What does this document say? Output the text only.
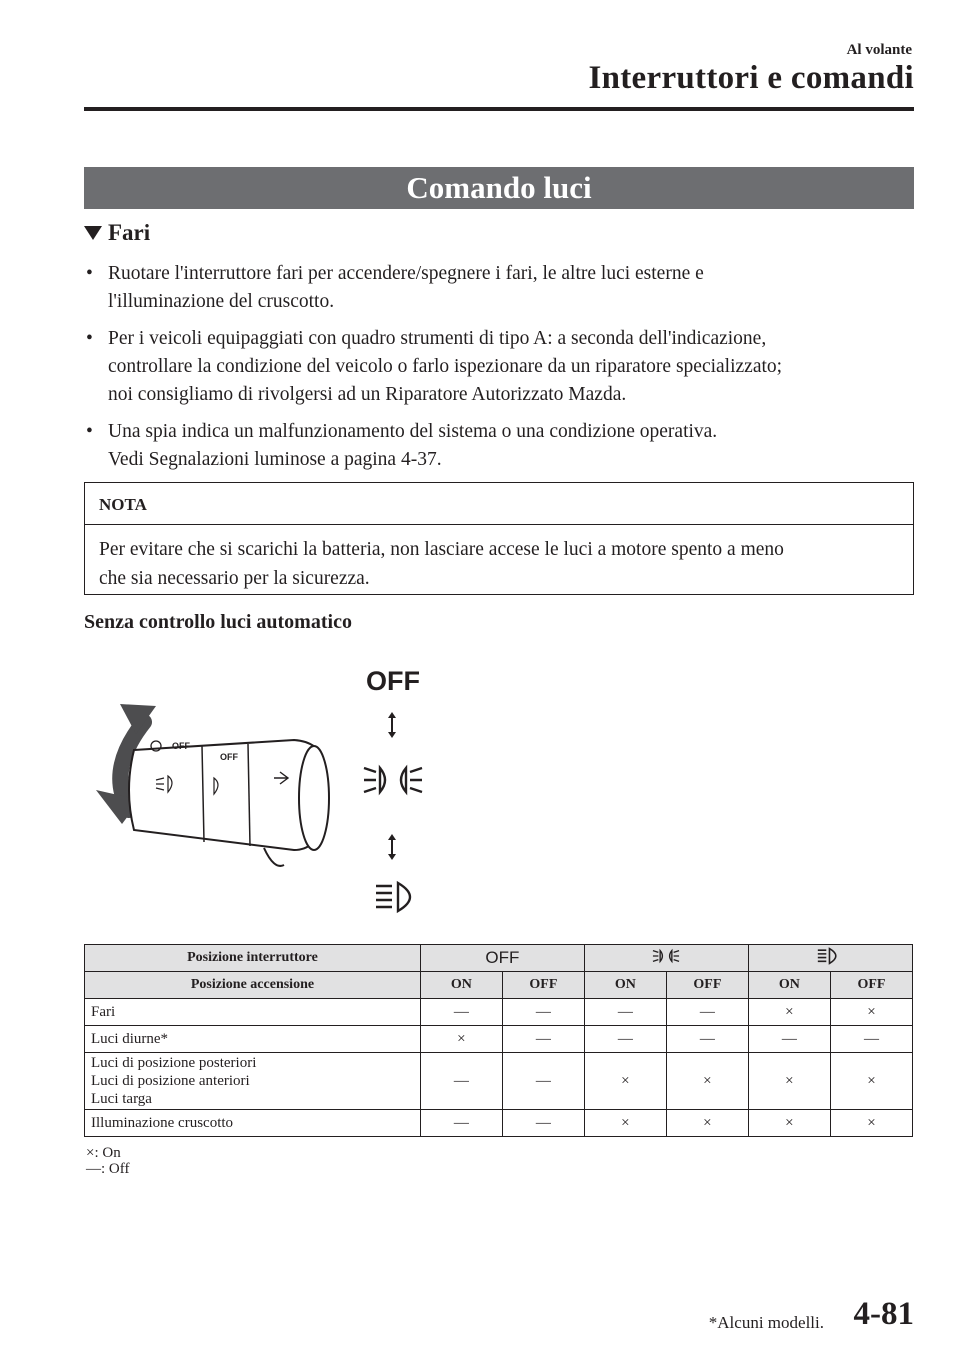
Al volante
Interruttori e comandi
Comando luci
Fari
• Ruotare l'interruttore fari per accendere/spegnere i fari, le altre luci esterne e
l'illuminazione del cruscotto.
• Per i veicoli equipaggiati con quadro strumenti di tipo A: a seconda dell'indicazione,
controllare la condizione del veicolo o farlo ispezionare da un riparatore specializzato;
noi consigliamo di rivolgersi ad un Riparatore Autorizzato Mazda.
• Una spia indica un malfunzionamento del sistema o una condizione operativa.
Vedi Segnalazioni luminose a pagina 4-37.
NOTA
Per evitare che si scarichi la batteria, non lasciare accese le luci a motore spento a meno
che sia necessario per la sicurezza.
Senza controllo luci automatico
OFF
OFF
OFF
Posizione interruttore	OFF		
Posizione accensione	ON	OFF	ON	OFF	ON	OFF
Fari	—	—	—	—	×	×
Luci diurne*	×	—	—	—	—	—

Luci di posizione posteriori
Luci di posizione anteriori
Luci targa	—	—	×	×	×	×
Illuminazione cruscotto	—	—	×	×	×	×
×: On
—: Off
*Alcuni modelli. 4-81
